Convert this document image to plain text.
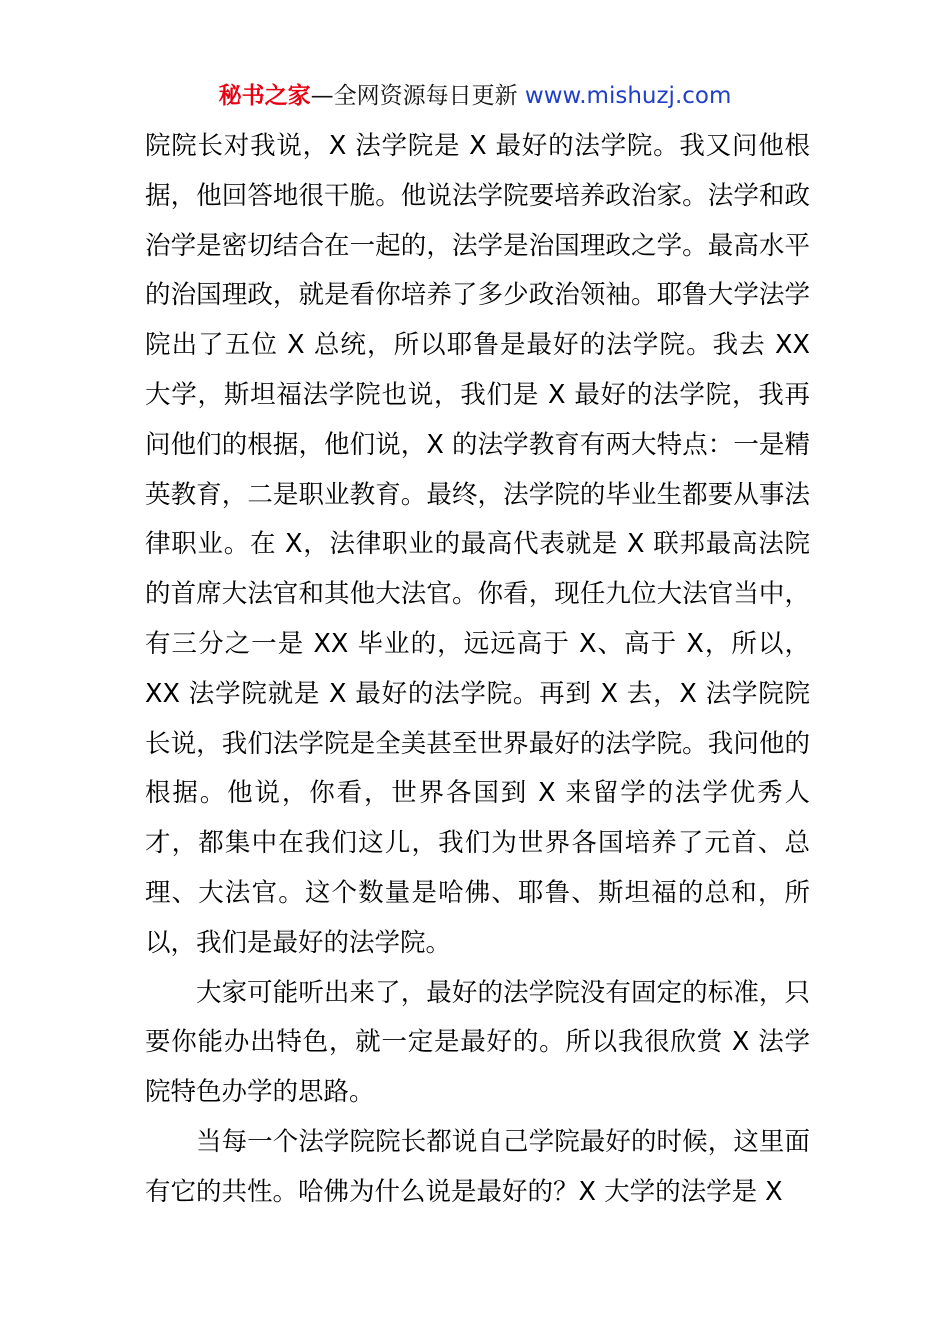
秘书之家—全网资源每日更新 www.mishuzj.com

院院长对我说，X 法学院是 X 最好的法学院。我又问他根据，他回答地很干脆。他说法学院要培养政治家。法学和政治学是密切结合在一起的，法学是治国理政之学。最高水平的治国理政，就是看你培养了多少政治领袖。耶鲁大学法学院出了五位 X 总统，所以耶鲁是最好的法学院。我去 XX 大学，斯坦福法学院也说，我们是 X 最好的法学院，我再问他们的根据，他们说，X 的法学教育有两大特点：一是精英教育，二是职业教育。最终，法学院的毕业生都要从事法律职业。在 X，法律职业的最高代表就是 X 联邦最高法院的首席大法官和其他大法官。你看，现任九位大法官当中，有三分之一是 XX 毕业的，远远高于 X、高于 X，所以，XX 法学院就是 X 最好的法学院。再到 X 去，X 法学院院长说，我们法学院是全美甚至世界最好的法学院。我问他的根据。他说，你看，世界各国到 X 来留学的法学优秀人才，都集中在我们这儿，我们为世界各国培养了元首、总理、大法官。这个数量是哈佛、耶鲁、斯坦福的总和，所以，我们是最好的法学院。

大家可能听出来了，最好的法学院没有固定的标准，只要你能办出特色，就一定是最好的。所以我很欣赏 X 法学院特色办学的思路。

当每一个法学院院长都说自己学院最好的时候，这里面有它的共性。哈佛为什么说是最好的？X 大学的法学是 X
